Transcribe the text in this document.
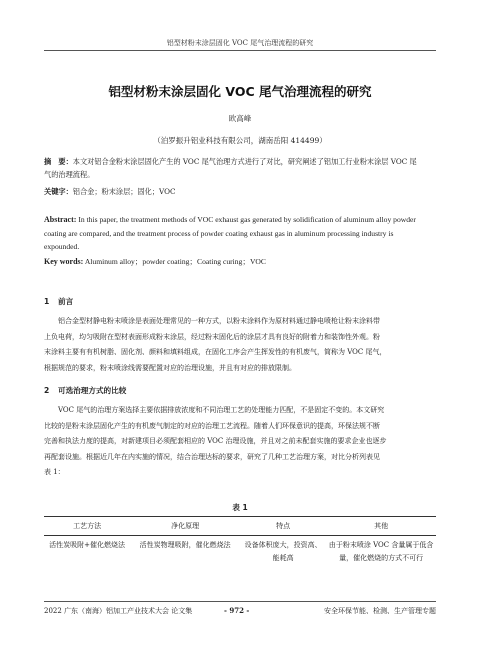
铝型材粉末涂层固化 VOC 尾气治理流程的研究
铝型材粉末涂层固化 VOC 尾气治理流程的研究
欧高峰
（泊罗振升铝业科技有限公司，湖南岳阳 414499）
摘　要：本文对铝合金粉末涂层固化产生的 VOC 尾气治理方式进行了对比，研究阐述了铝加工行业粉末涂层 VOC 尾
气的治理流程。
关键字：铝合金；粉末涂层；固化；VOC
Abstract: In this paper, the treatment methods of VOC exhaust gas generated by solidification of aluminum alloy powder
coating are compared, and the treatment process of powder coating exhaust gas in aluminum processing industry is
expounded.
Key words: Aluminum alloy；powder coating；Coating curing；VOC
1 前言
　　铝合金型材静电粉末喷涂是表面处理常见的一种方式，以粉末涂料作为原材料通过静电喷枪让粉末涂料带
上负电荷，均匀吸附在型材表面形成粉末涂层，经过粉末固化后的涂层才具有良好的附着力和装饰性外观。粉
末涂料主要有有机树脂、固化剂、颜料和填料组成，在固化工序会产生挥发性的有机废气，简称为 VOC 尾气，
根据规范的要求，粉末喷涂线需要配置对应的治理设施，并且有对应的排放限制。
2 可选治理方式的比较
　　VOC 尾气的治理方案选择主要依据排放浓度和不同治理工艺的处理能力匹配，不是固定不变的。本文研究
比较的是粉末涂层固化产生的有机废气制定的对应的治理工艺流程。随着人们环保意识的提高，环保法规不断
完善和执法力度的提高，对新建项目必须配套相应的 VOC 治理设施，并且对之前未配套实施的要求企业也逐步
再配套设施。根据近几年在内实施的情况，结合治理达标的要求，研究了几种工艺治理方案，对比分析列表见
表 1：
表 1
工艺方法	净化原理	特点	其他
活性炭吸附+催化燃烧法	活性炭物理吸附，催化燃烧法	设备体积庞大，投资高、能耗高	由于粉末喷涂 VOC 含量属于低含量，催化燃烧的方式不可行
2022 广东（南海）铝加工产业技术大会 论文集	- 972 -	安全环保节能、检测、生产管理专题
